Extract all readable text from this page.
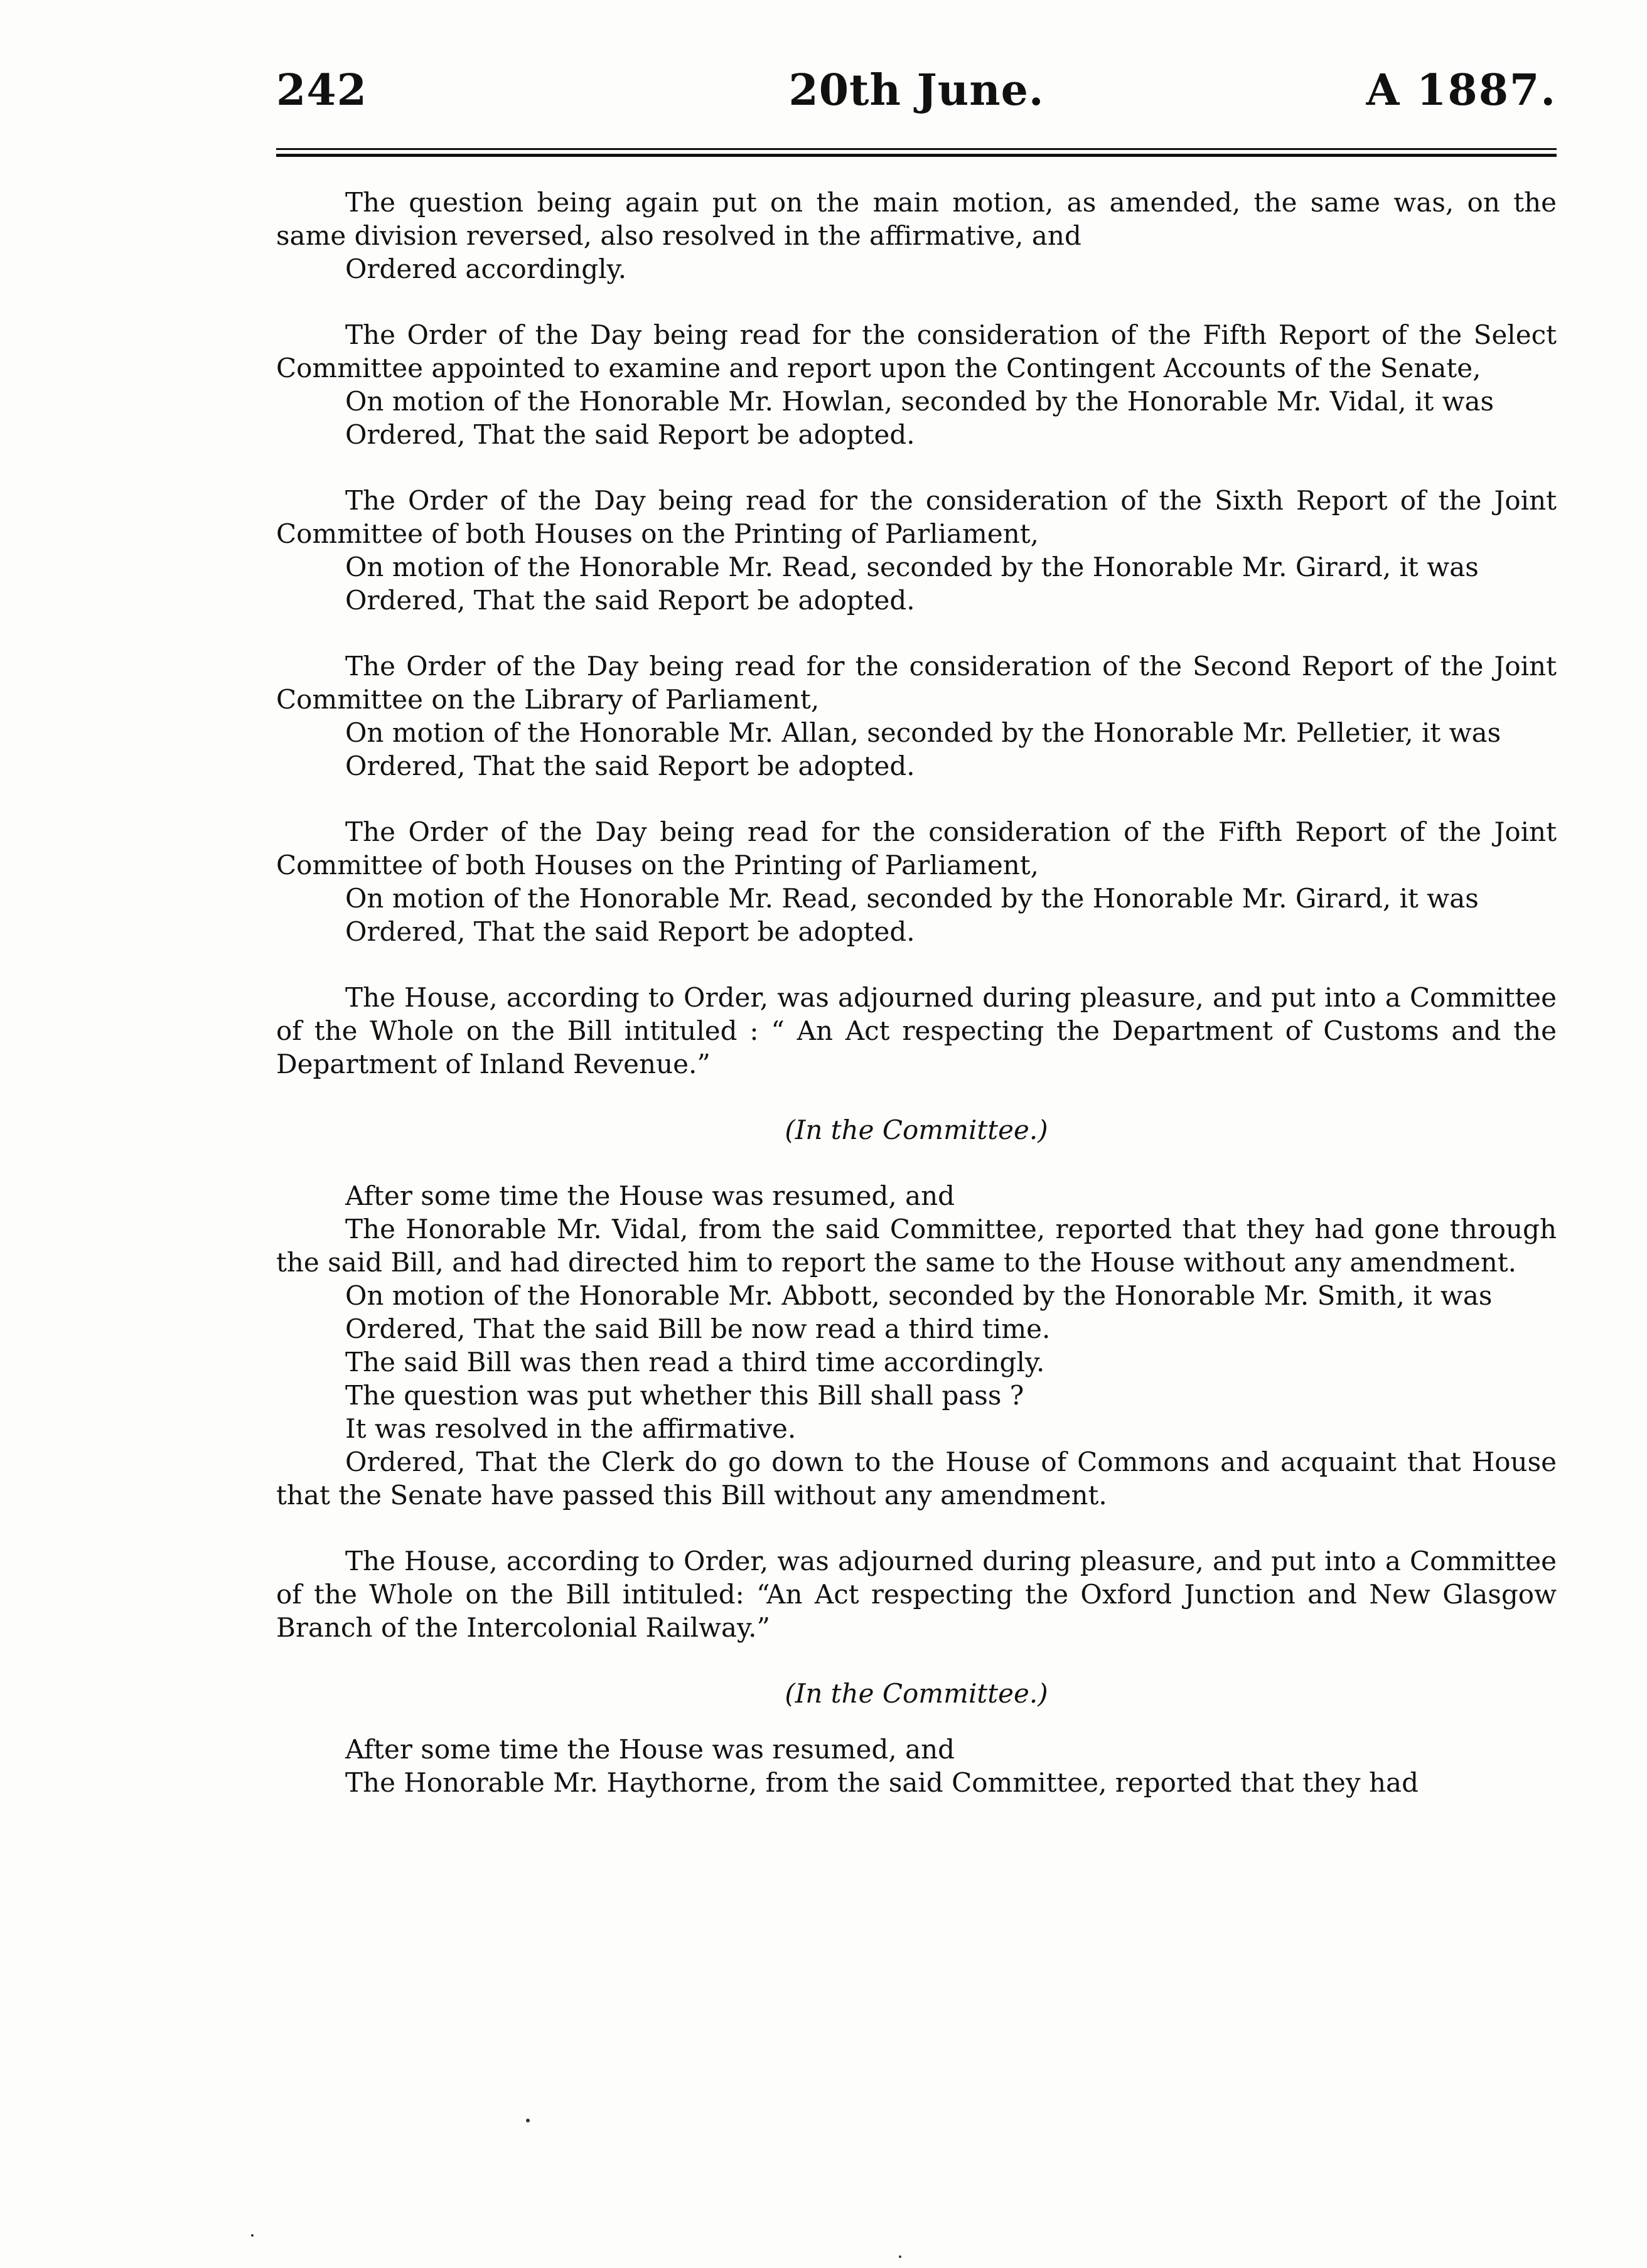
20th June.
242	A 1887.

The question being again put on the main motion, as amended, the same was, on the same division reversed, also resolved in the affirmative, and

Ordered accordingly.

The Order of the Day being read for the consideration of the Fifth Report of the Select Committee appointed to examine and report upon the Contingent Accounts of the Senate,

On motion of the Honorable Mr. Howlan, seconded by the Honorable Mr. Vidal, it was

Ordered, That the said Report be adopted.

The Order of the Day being read for the consideration of the Sixth Report of the Joint Committee of both Houses on the Printing of Parliament,

On motion of the Honorable Mr. Read, seconded by the Honorable Mr. Girard, it was

Ordered, That the said Report be adopted.

The Order of the Day being read for the consideration of the Second Report of the Joint Committee on the Library of Parliament,

On motion of the Honorable Mr. Allan, seconded by the Honorable Mr. Pelletier, it was

Ordered, That the said Report be adopted.

The Order of the Day being read for the consideration of the Fifth Report of the Joint Committee of both Houses on the Printing of Parliament,

On motion of the Honorable Mr. Read, seconded by the Honorable Mr. Girard, it was

Ordered, That the said Report be adopted.

The House, according to Order, was adjourned during pleasure, and put into a Committee of the Whole on the Bill intituled : “ An Act respecting the Department of Customs and the Department of Inland Revenue.”

(In the Committee.)

After some time the House was resumed, and

The Honorable Mr. Vidal, from the said Committee, reported that they had gone through the said Bill, and had directed him to report the same to the House without any amendment.

On motion of the Honorable Mr. Abbott, seconded by the Honorable Mr. Smith, it was

Ordered, That the said Bill be now read a third time.

The said Bill was then read a third time accordingly.

The question was put whether this Bill shall pass ?

It was resolved in the affirmative.

Ordered, That the Clerk do go down to the House of Commons and acquaint that House that the Senate have passed this Bill without any amendment.

The House, according to Order, was adjourned during pleasure, and put into a Committee of the Whole on the Bill intituled: “An Act respecting the Oxford Junction and New Glasgow Branch of the Intercolonial Railway.”

(In the Committee.)

After some time the House was resumed, and

The Honorable Mr. Haythorne, from the said Committee, reported that they had
